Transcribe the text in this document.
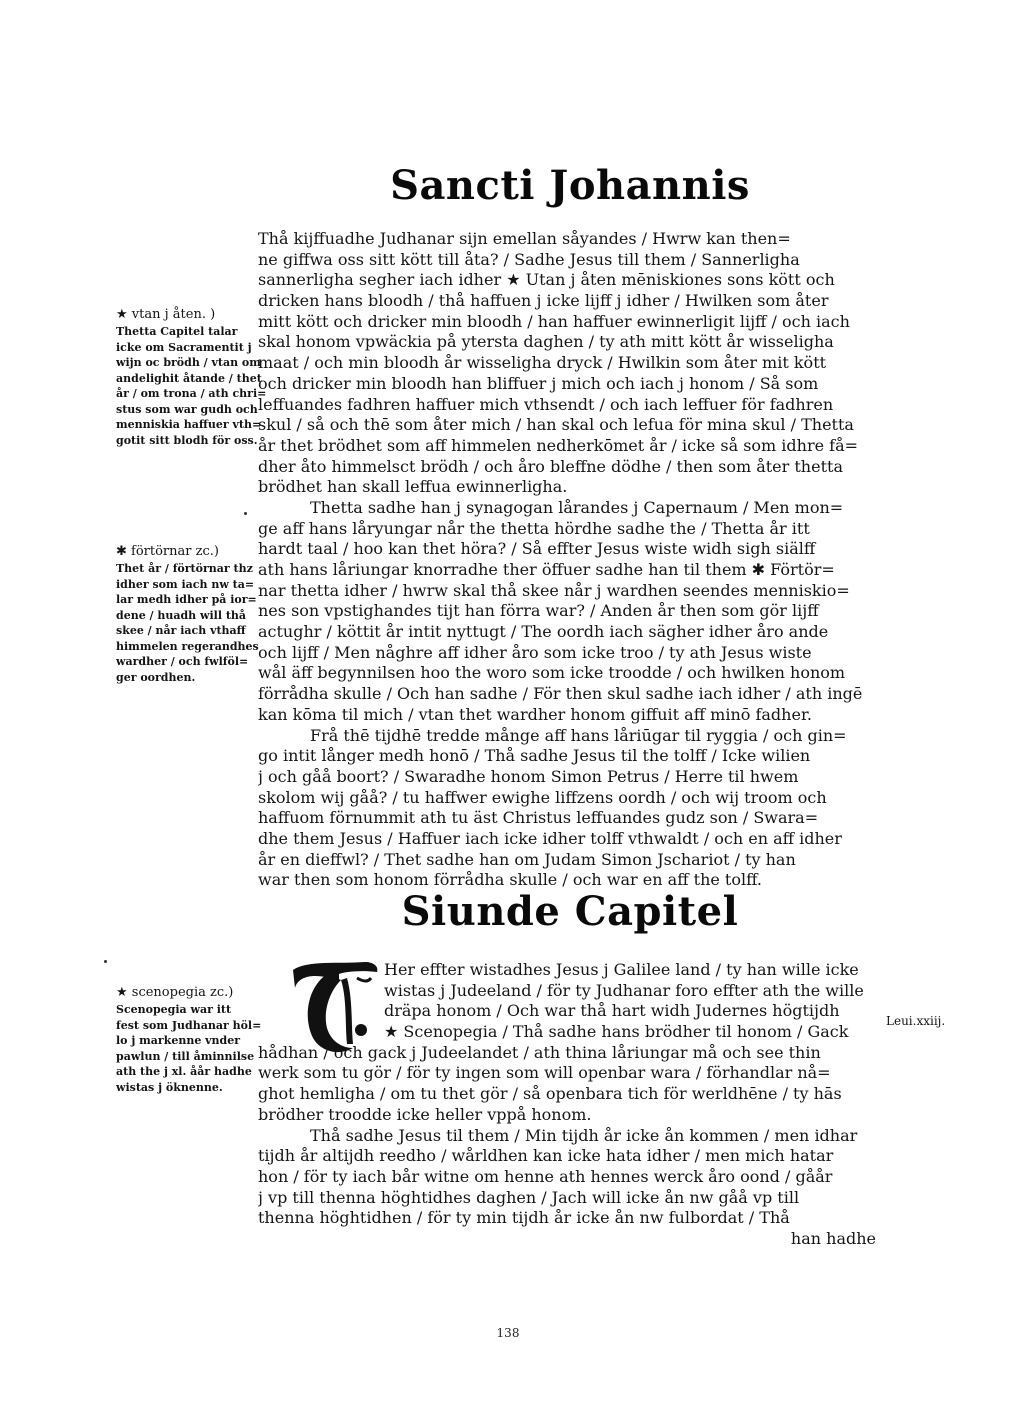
Sancti Johannis
Thå kijffuadhe Judhanar sijn emellan såyandes / Hwrw kan then=
ne giffwa oss sitt kött till åta? / Sadhe Jesus till them / Sannerligha
sannerligha segher iach idher ★ Utan j åten mēniskiones sons kött och
dricken hans bloodh / thå haffuen j icke lijff j idher / Hwilken som åter
mitt kött och dricker min bloodh / han haffuer ewinnerligit lijff / och iach
skal honom vpwäckia på ytersta daghen / ty ath mitt kött år wisseligha
maat / och min bloodh år wisseligha dryck / Hwilkin som åter mit kött
och dricker min bloodh han bliffuer j mich och iach j honom / Så som
leffuandes fadhren haffuer mich vthsendt / och iach leffuer för fadhren
skul / så och thē som åter mich / han skal och lefua för mina skul / Thetta
år thet brödhet som aff himmelen nedherkōmet år / icke så som idhre få=
dher åto himmelsct brödh / och åro bleffne dödhe / then som åter thetta
brödhet han skall leffua ewinnerligha.
Thetta sadhe han j synagogan lårandes j Capernaum / Men mon=
ge aff hans låryungar når the thetta hördhe sadhe the / Thetta år itt
hardt taal / hoo kan thet höra? / Så effter Jesus wiste widh sigh siälff
ath hans låriungar knorradhe ther öffuer sadhe han til them ✱ Förtör=
nar thetta idher / hwrw skal thå skee når j wardhen seendes menniskio=
nes son vpstighandes tijt han förra war? / Anden år then som gör lijff
actughr / köttit år intit nyttugt / The oordh iach sägher idher åro ande
och lijff / Men någhre aff idher åro som icke troo / ty ath Jesus wiste
wål äff begynnilsen hoo the woro som icke troodde / och hwilken honom
förrådha skulle / Och han sadhe / För then skul sadhe iach idher / ath ingē
kan kōma til mich / vtan thet wardher honom giffuit aff minō fadher.
Frå thē tijdhē tredde månge aff hans låriūgar til ryggia / och gin=
go intit långer medh honō / Thå sadhe Jesus til the tolff / Icke wilien
j och gåå boort? / Swaradhe honom Simon Petrus / Herre til hwem
skolom wij gåå? / tu haffwer ewighe liffzens oordh / och wij troom och
haffuom förnummit ath tu äst Christus leffuandes gudz son / Swara=
dhe them Jesus / Haffuer iach icke idher tolff vthwaldt / och en aff idher
år en dieffwl? / Thet sadhe han om Judam Simon Jschariot / ty han
war then som honom förrådha skulle / och war en aff the tolff.
Siunde Capitel
Her effter wistadhes Jesus j Galilee land / ty han wille icke
wistas j Judeeland / för ty Judhanar foro effter ath the wille
dräpa honom / Och war thå hart widh Judernes högtijdh
★ Scenopegia / Thå sadhe hans brödher til honom / Gack
hådhan / och gack j Judeelandet / ath thina låriungar må och see thin
werk som tu gör / för ty ingen som will openbar wara / förhandlar nå=
ghot hemligha / om tu thet gör / så openbara tich för werldhēne / ty hās
brödher troodde icke heller vppå honom.
Thå sadhe Jesus til them / Min tijdh år icke ån kommen / men idhar
tijdh år altijdh reedho / wårldhen kan icke hata idher / men mich hatar
hon / för ty iach bår witne om henne ath hennes werck åro oond / gåår
j vp till thenna höghtidhes daghen / Jach will icke ån nw gåå vp till
thenna höghtidhen / för ty min tijdh år icke ån nw fulbordat / Thå
han hadhe
★ vtan j åten. )
Thetta Capitel talar
icke om Sacramentit j
wijn oc brödh / vtan om
andelighit åtande / thet
år / om trona / ath chri=
stus som war gudh och
menniskia haffuer vth=
gotit sitt blodh för oss.
✱ förtörnar zc.)
Thet år / förtörnar thz
idher som iach nw ta=
lar medh idher på ior=
dene / huadh will thå
skee / når iach vthaff
himmelen regerandhes
wardher / och fwlföl=
ger oordhen.
★ scenopegia zc.)
Scenopegia war itt
fest som Judhanar höl=
lo j markenne vnder
pawlun / till åminnilse
ath the j xl. åår hadhe
wistas j öknenne.
Leui.xxiij.
138
